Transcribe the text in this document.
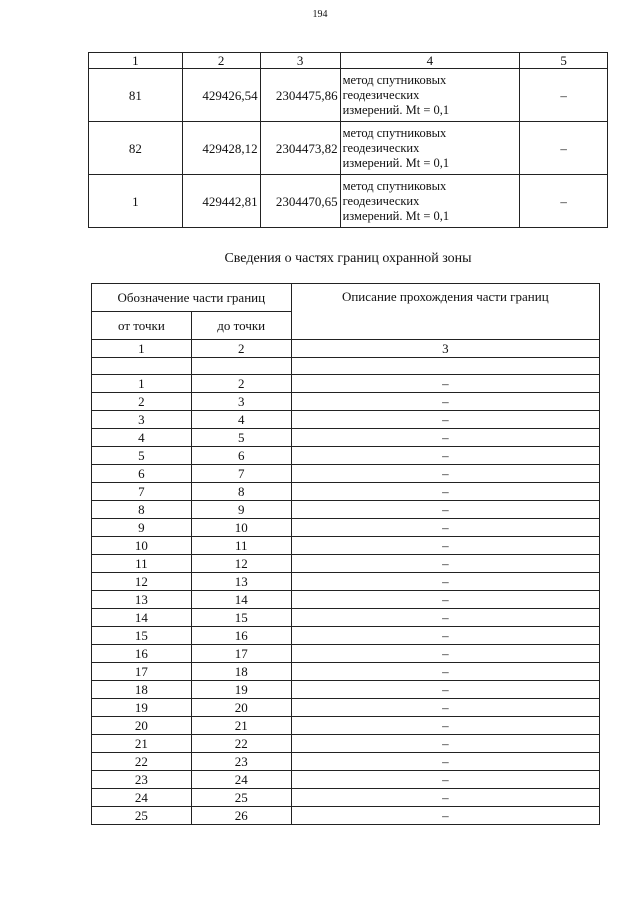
194
1	2	3	4	5
81	429426,54	2304475,86	метод спутниковых
геодезических
измерений. Mt = 0,1	–
82	429428,12	2304473,82	метод спутниковых
геодезических
измерений. Mt = 0,1	–
1	429442,81	2304470,65	метод спутниковых
геодезических
измерений. Mt = 0,1	–
Сведения о частях границ охранной зоны
Обозначение части границ		Описание прохождения части границ
от точки	до точки	
1	2	3

1	2	–
2	3	–
3	4	–
4	5	–
5	6	–
6	7	–
7	8	–
8	9	–
9	10	–
10	11	–
11	12	–
12	13	–
13	14	–
14	15	–
15	16	–
16	17	–
17	18	–
18	19	–
19	20	–
20	21	–
21	22	–
22	23	–
23	24	–
24	25	–
25	26	–
